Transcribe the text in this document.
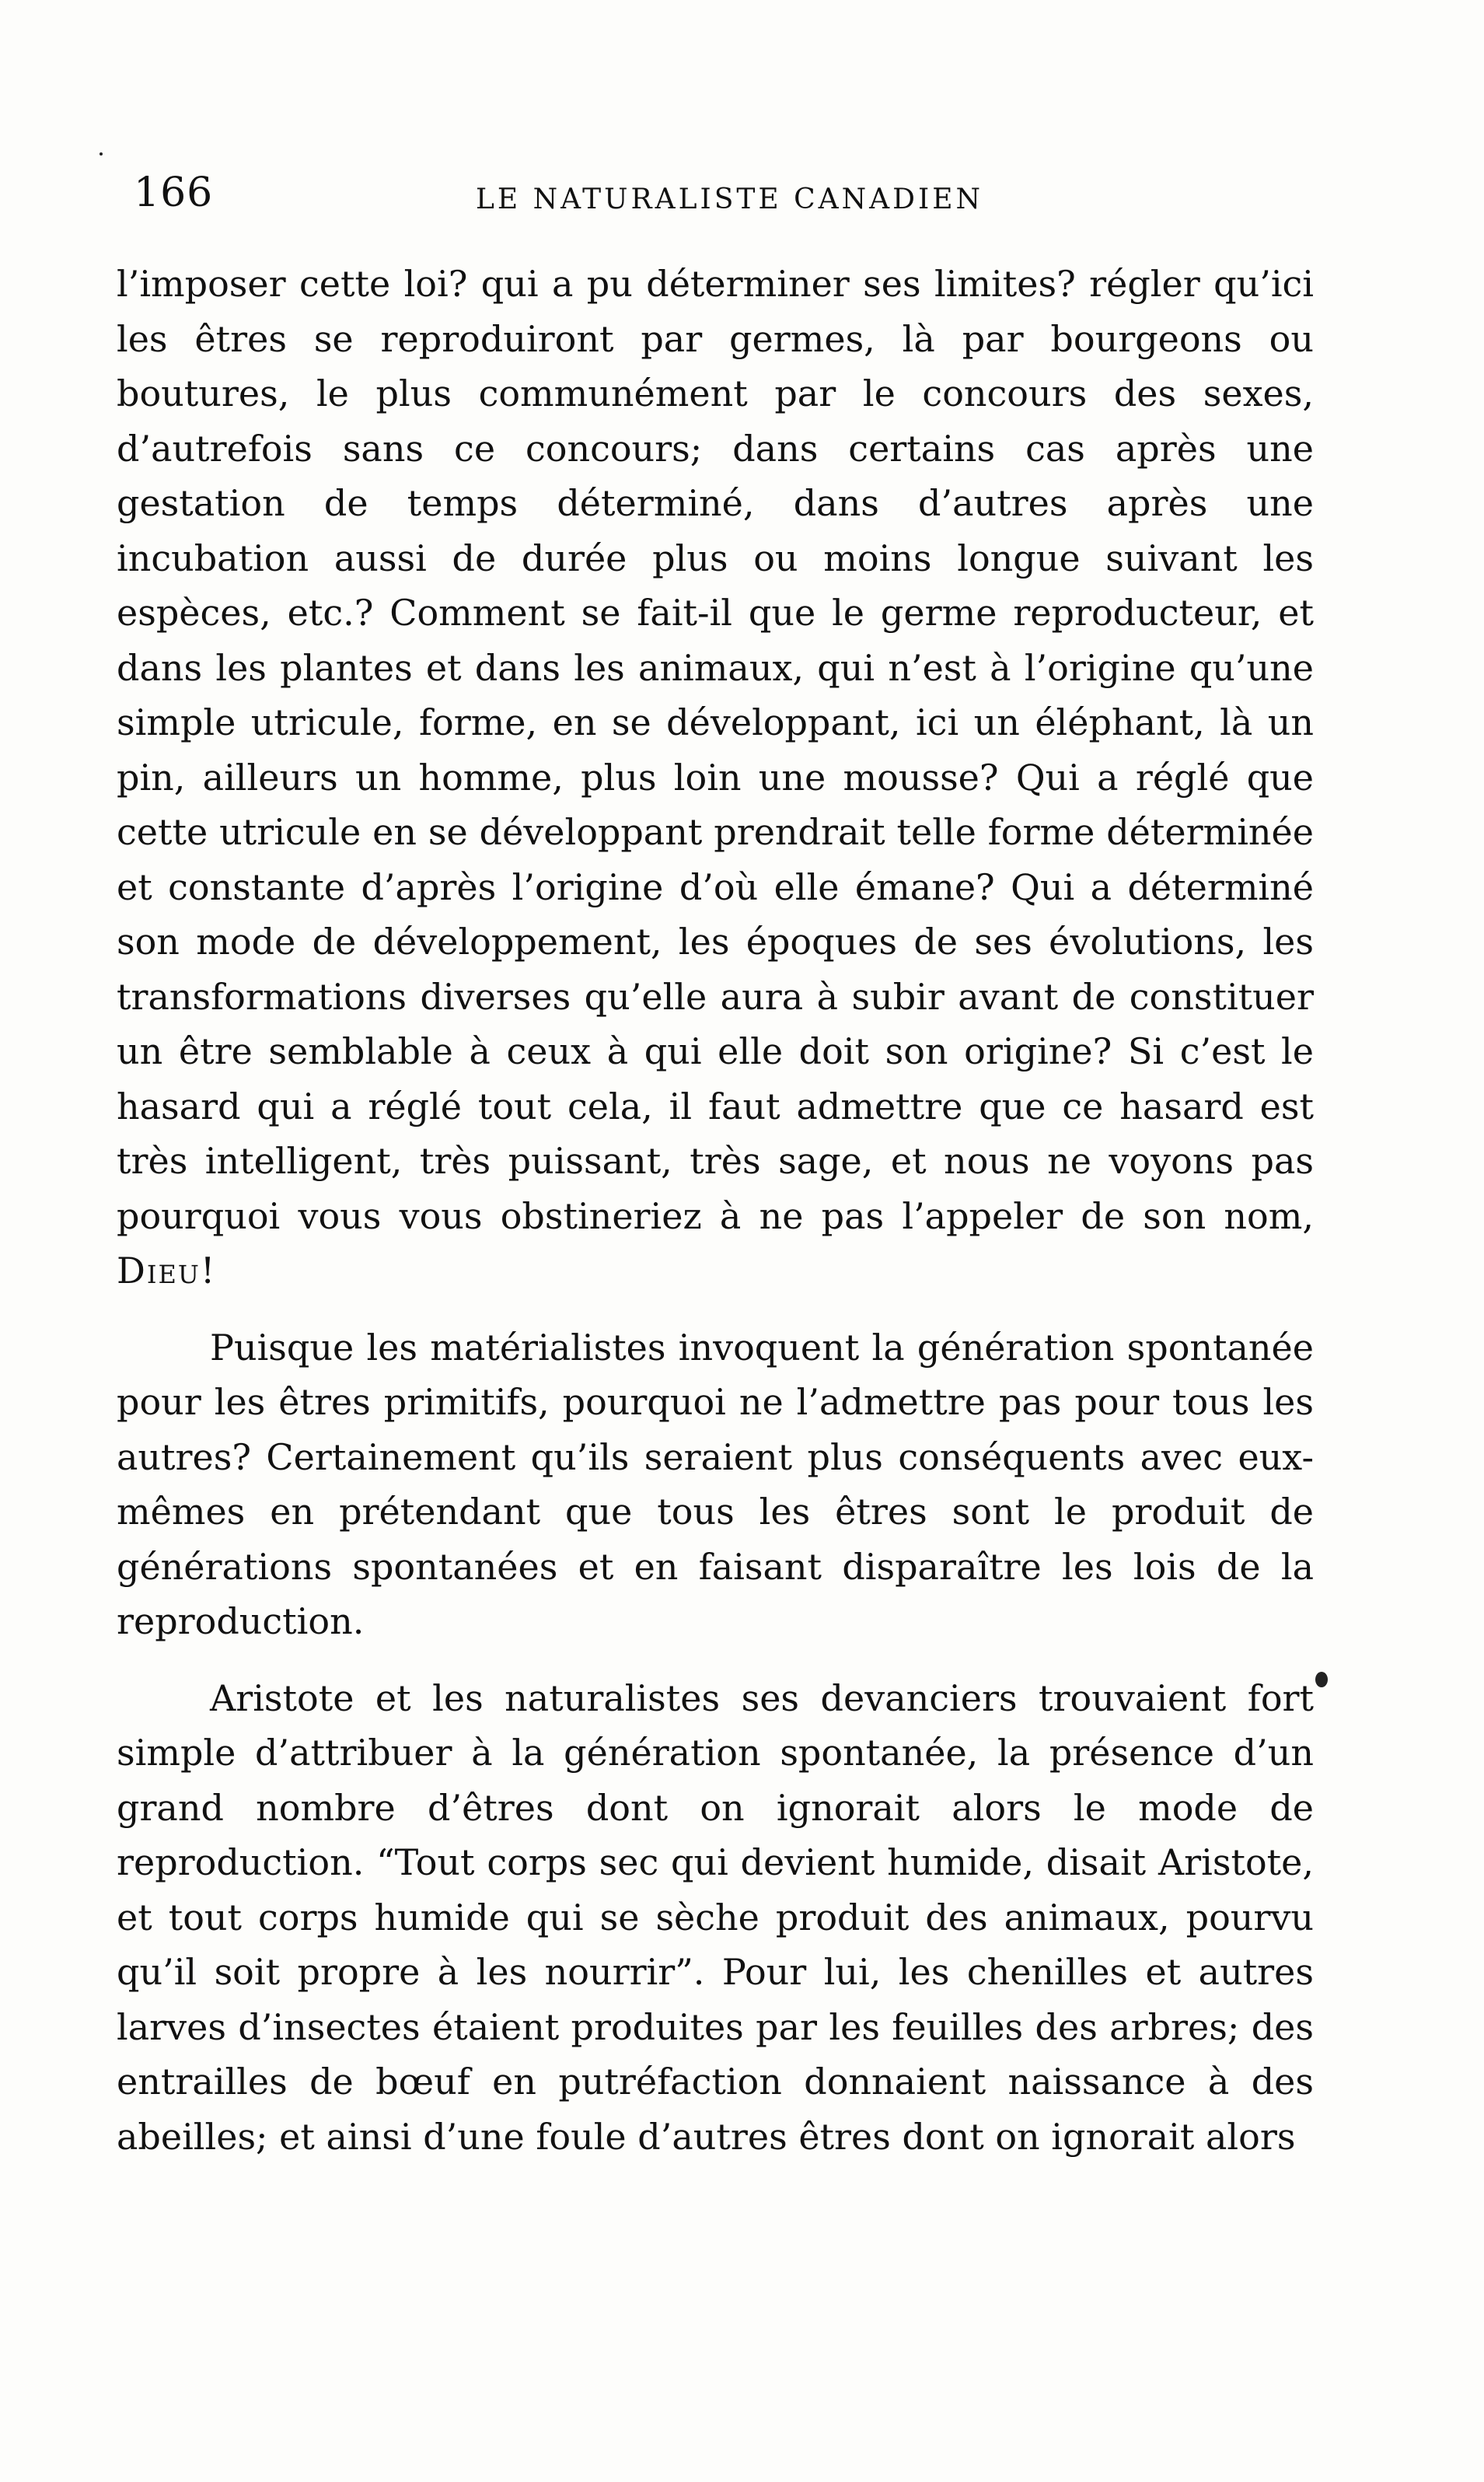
166	LE NATURALISTE CANADIEN

l’imposer cette loi? qui a pu déterminer ses limites? régler qu’ici les êtres se reproduiront par germes, là par bourgeons ou boutures, le plus communément par le concours des sexes, d’autrefois sans ce concours; dans certains cas après une gestation de temps déterminé, dans d’autres après une incubation aussi de durée plus ou moins longue suivant les espèces, etc.? Comment se fait-il que le germe reproducteur, et dans les plantes et dans les animaux, qui n’est à l’origine qu’une simple utricule, forme, en se développant, ici un éléphant, là un pin, ailleurs un homme, plus loin une mousse? Qui a réglé que cette utricule en se développant prendrait telle forme déterminée et constante d’après l’origine d’où elle émane? Qui a déterminé son mode de développement, les époques de ses évolutions, les transformations diverses qu’elle aura à subir avant de constituer un être semblable à ceux à qui elle doit son origine? Si c’est le hasard qui a réglé tout cela, il faut admettre que ce hasard est très intelligent, très puissant, très sage, et nous ne voyons pas pourquoi vous vous obstineriez à ne pas l’appeler de son nom, Dieu!

Puisque les matérialistes invoquent la génération spontanée pour les êtres primitifs, pourquoi ne l’admettre pas pour tous les autres? Certainement qu’ils seraient plus conséquents avec eux-mêmes en prétendant que tous les êtres sont le produit de générations spontanées et en faisant disparaître les lois de la reproduction.

Aristote et les naturalistes ses devanciers trouvaient fort simple d’attribuer à la génération spontanée, la présence d’un grand nombre d’êtres dont on ignorait alors le mode de reproduction. “Tout corps sec qui devient humide, disait Aristote, et tout corps humide qui se sèche produit des animaux, pourvu qu’il soit propre à les nourrir”. Pour lui, les chenilles et autres larves d’insectes étaient produites par les feuilles des arbres; des entrailles de bœuf en putréfaction donnaient naissance à des abeilles; et ainsi d’une foule d’autres êtres dont on ignorait alors
